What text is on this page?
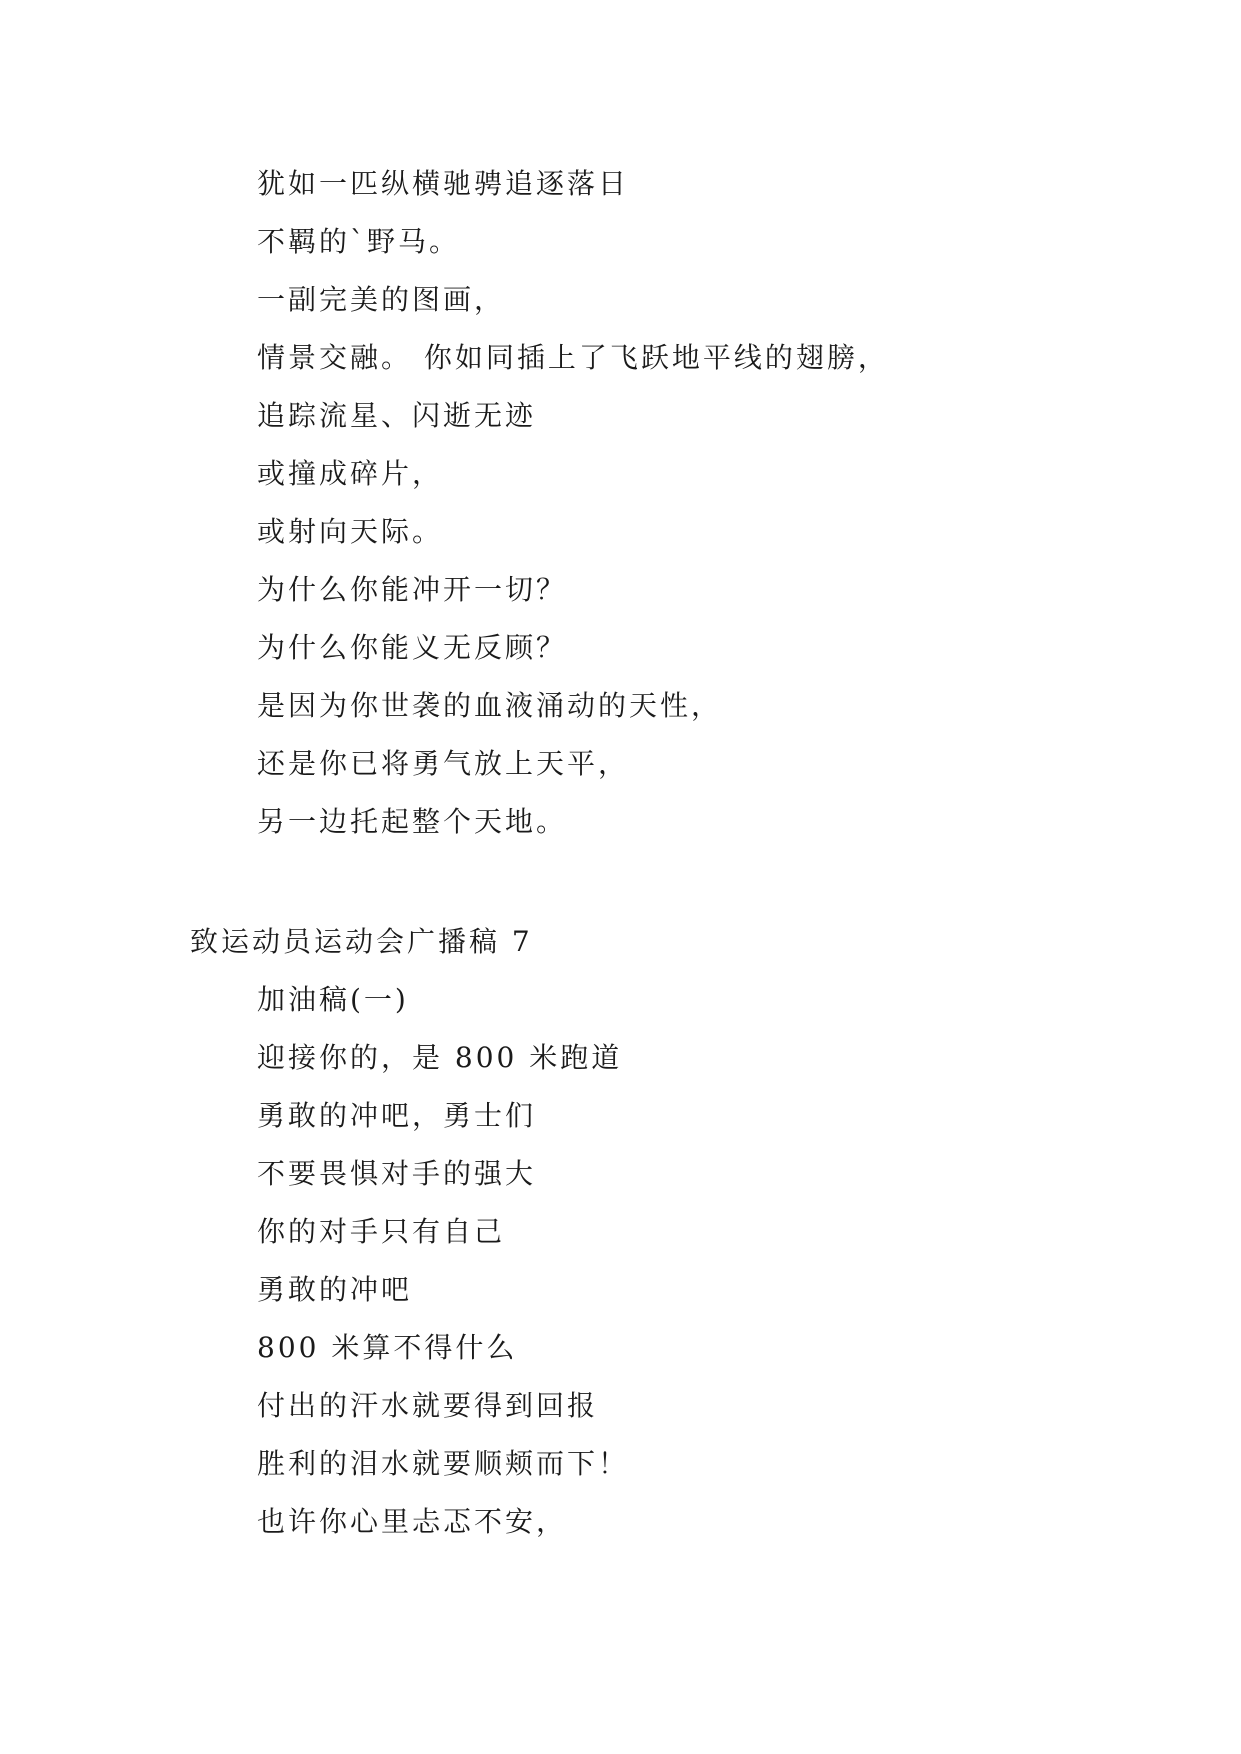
犹如一匹纵横驰骋追逐落日
不羁的`野马。
一副完美的图画，
情景交融。 你如同插上了飞跃地平线的翅膀，
追踪流星、闪逝无迹
或撞成碎片，
或射向天际。
为什么你能冲开一切？
为什么你能义无反顾？
是因为你世袭的血液涌动的天性，
还是你已将勇气放上天平，
另一边托起整个天地。
致运动员运动会广播稿 7
加油稿(一)
迎接你的，是 800 米跑道
勇敢的冲吧，勇士们
不要畏惧对手的强大
你的对手只有自己
勇敢的冲吧
800 米算不得什么
付出的汗水就要得到回报
胜利的泪水就要顺颊而下！
也许你心里忐忑不安，
